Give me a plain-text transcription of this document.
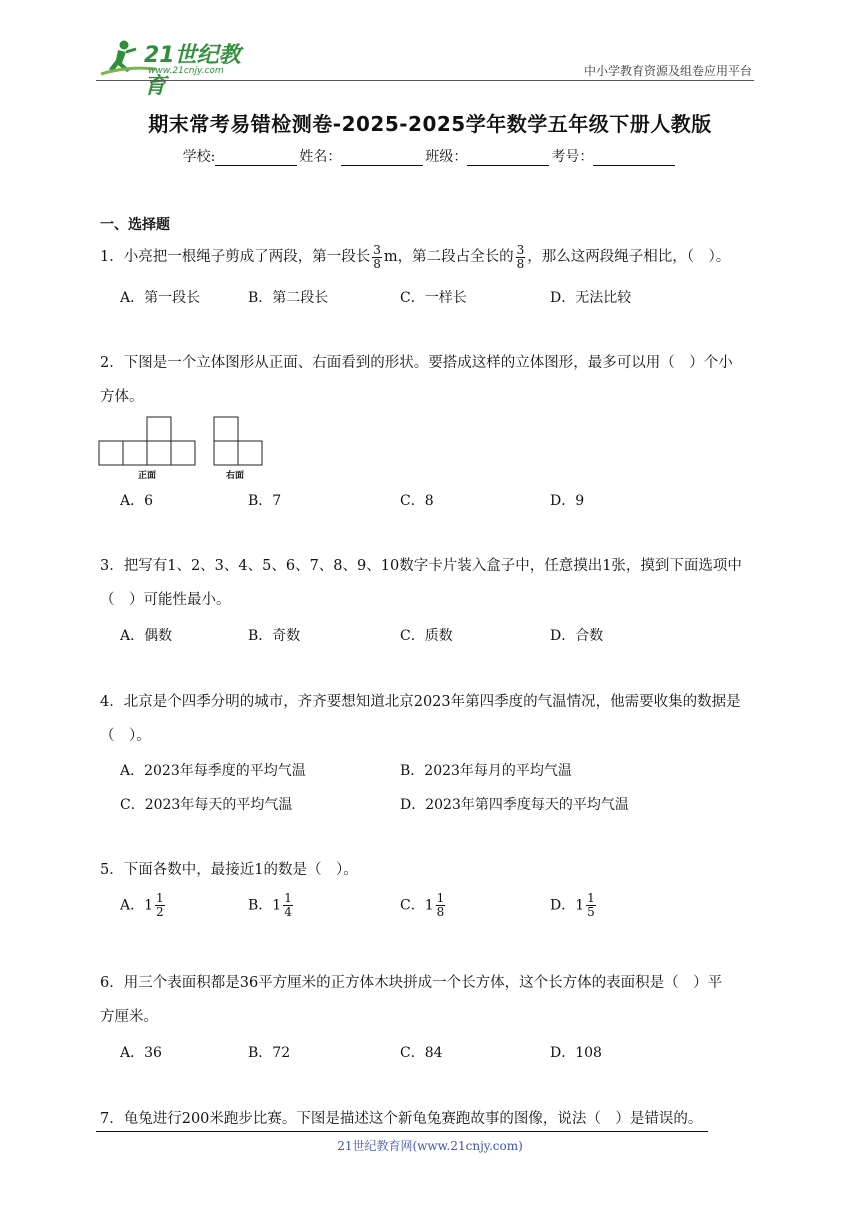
21世纪教育
www.21cnjy.com	中小学教育资源及组卷应用平台
期末常考易错检测卷-2025-2025学年数学五年级下册人教版
学校:	姓名：	班级：	考号：
一、选择题
1．小亮把一根绳子剪成了两段，第一段长 $\frac{3}{8}$ m，第二段占全长的 $\frac{3}{8}$ ，那么这两段绳子相比，（　）。
A．第一段长	B．第二段长	C．一样长	D．无法比较
2．下图是一个立体图形从正面、右面看到的形状。要搭成这样的立体图形，最多可以用（　）个小
方体。
正面	右面
A．6	B．7	C．8	D．9
3．把写有1、2、3、4、5、6、7、8、9、10数字卡片装入盒子中，任意摸出1张，摸到下面选项中
（　）可能性最小。
A．偶数	B．奇数	C．质数	D．合数
4．北京是个四季分明的城市，齐齐要想知道北京2023年第四季度的气温情况，他需要收集的数据是
（　）。
A．2023年每季度的平均气温	B．2023年每月的平均气温
C．2023年每天的平均气温	D．2023年第四季度每天的平均气温
5．下面各数中，最接近1的数是（　）。
A．$1 \frac{1}{2}$	B．$1 \frac{1}{4}$	C．$1 \frac{1}{8}$	D．$1 \frac{1}{5}$
6．用三个表面积都是36平方厘米的正方体木块拼成一个长方体，这个长方体的表面积是（　）平
方厘米。
A．36	B．72	C．84	D．108
7．龟兔进行200米跑步比赛。下图是描述这个新龟兔赛跑故事的图像，说法（　）是错误的。
21世纪教育网(www.21cnjy.com)
